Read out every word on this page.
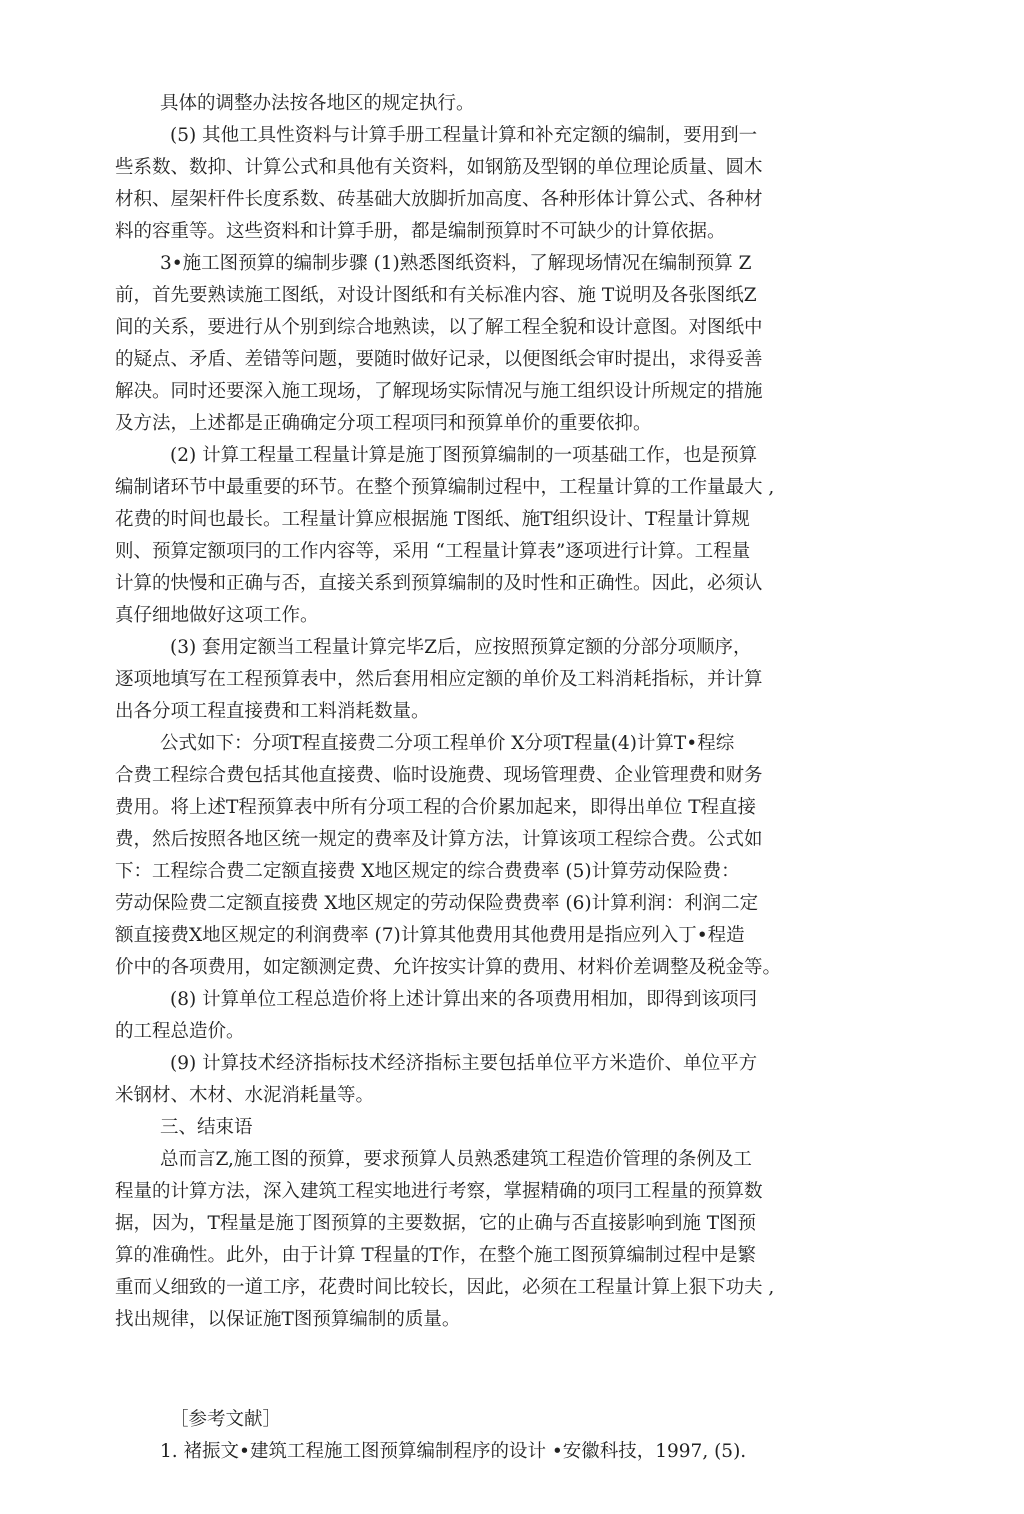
具体的调整办法按各地区的规定执行。
(5) 其他工具性资料与计算手册工程量计算和补充定额的编制，要用到一
些系数、数抑、计算公式和具他有关资料，如钢筋及型钢的单位理论质量、圆木
材积、屋架杆件长度系数、砖基础大放脚折加高度、各种形体计算公式、各种材
料的容重等。这些资料和计算手册，都是编制预算时不可缺少的计算依据。
3•施工图预算的编制步骤 (1)熟悉图纸资料，了解现场情况在编制预算 Z
前，首先要熟读施工图纸，对设计图纸和有关标准内容、施 T说明及各张图纸Z
间的关系，要进行从个别到综合地熟读，以了解工程全貌和设计意图。对图纸中
的疑点、矛盾、差错等问题，要随时做好记录，以便图纸会审时提出，求得妥善
解决。同时还要深入施工现场，了解现场实际情况与施工组织设计所规定的措施
及方法，上述都是正确确定分项工程项冃和预算单价的重要依抑。
(2) 计算工程量工程量计算是施丁图预算编制的一项基础工作，也是预算
编制诸环节中最重要的环节。在整个预算编制过程中，工程量计算的工作量最大 ,
花费的时间也最长。工程量计算应根据施 T图纸、施T组织设计、T程量计算规
则、预算定额项冃的工作内容等，采用 “工程量计算表”逐项进行计算。工程量
计算的快慢和正确与否，直接关系到预算编制的及时性和正确性。因此，必须认
真仔细地做好这项工作。
(3) 套用定额当工程量计算完毕Z后，应按照预算定额的分部分项顺序，
逐项地填写在工程预算表中，然后套用相应定额的单价及工料消耗指标，并计算
出各分项工程直接费和工料消耗数量。
公式如下：分项T程直接费二分项工程单价 X分项T程量(4)计算T•程综
合费工程综合费包括其他直接费、临时设施费、现场管理费、企业管理费和财务
费用。将上述T程预算表中所有分项工程的合价累加起来，即得出单位 T程直接
费，然后按照各地区统一规定的费率及计算方法，计算该项工程综合费。公式如
下：工程综合费二定额直接费 X地区规定的综合费费率 (5)计算劳动保险费：
劳动保险费二定额直接费 X地区规定的劳动保险费费率 (6)计算利润：利润二定
额直接费X地区规定的利润费率 (7)计算其他费用其他费用是指应列入丁•程造
价中的各项费用，如定额测定费、允许按实计算的费用、材料价差调整及税金等。
(8) 计算单位工程总造价将上述计算出来的各项费用相加，即得到该项冃
的工程总造价。
(9) 计算技术经济指标技术经济指标主要包括单位平方米造价、单位平方
米钢材、木材、水泥消耗量等。
三、结束语
总而言Z,施工图的预算，要求预算人员熟悉建筑工程造价管理的条例及工
程量的计算方法，深入建筑工程实地进行考察，掌握精确的项冃工程量的预算数
据，因为，T程量是施丁图预算的主要数据，它的止确与否直接影响到施 T图预
算的准确性。此外，由于计算 T程量的T作，在整个施工图预算编制过程中是繁
重而乂细致的一道工序，花费时间比较长，因此，必须在工程量计算上狠下功夫 ,
找出规律，以保证施T图预算编制的质量。
［参考文献］
1. 褚振文•建筑工程施工图预算编制程序的设计 •安徽科技，1997, (5).
